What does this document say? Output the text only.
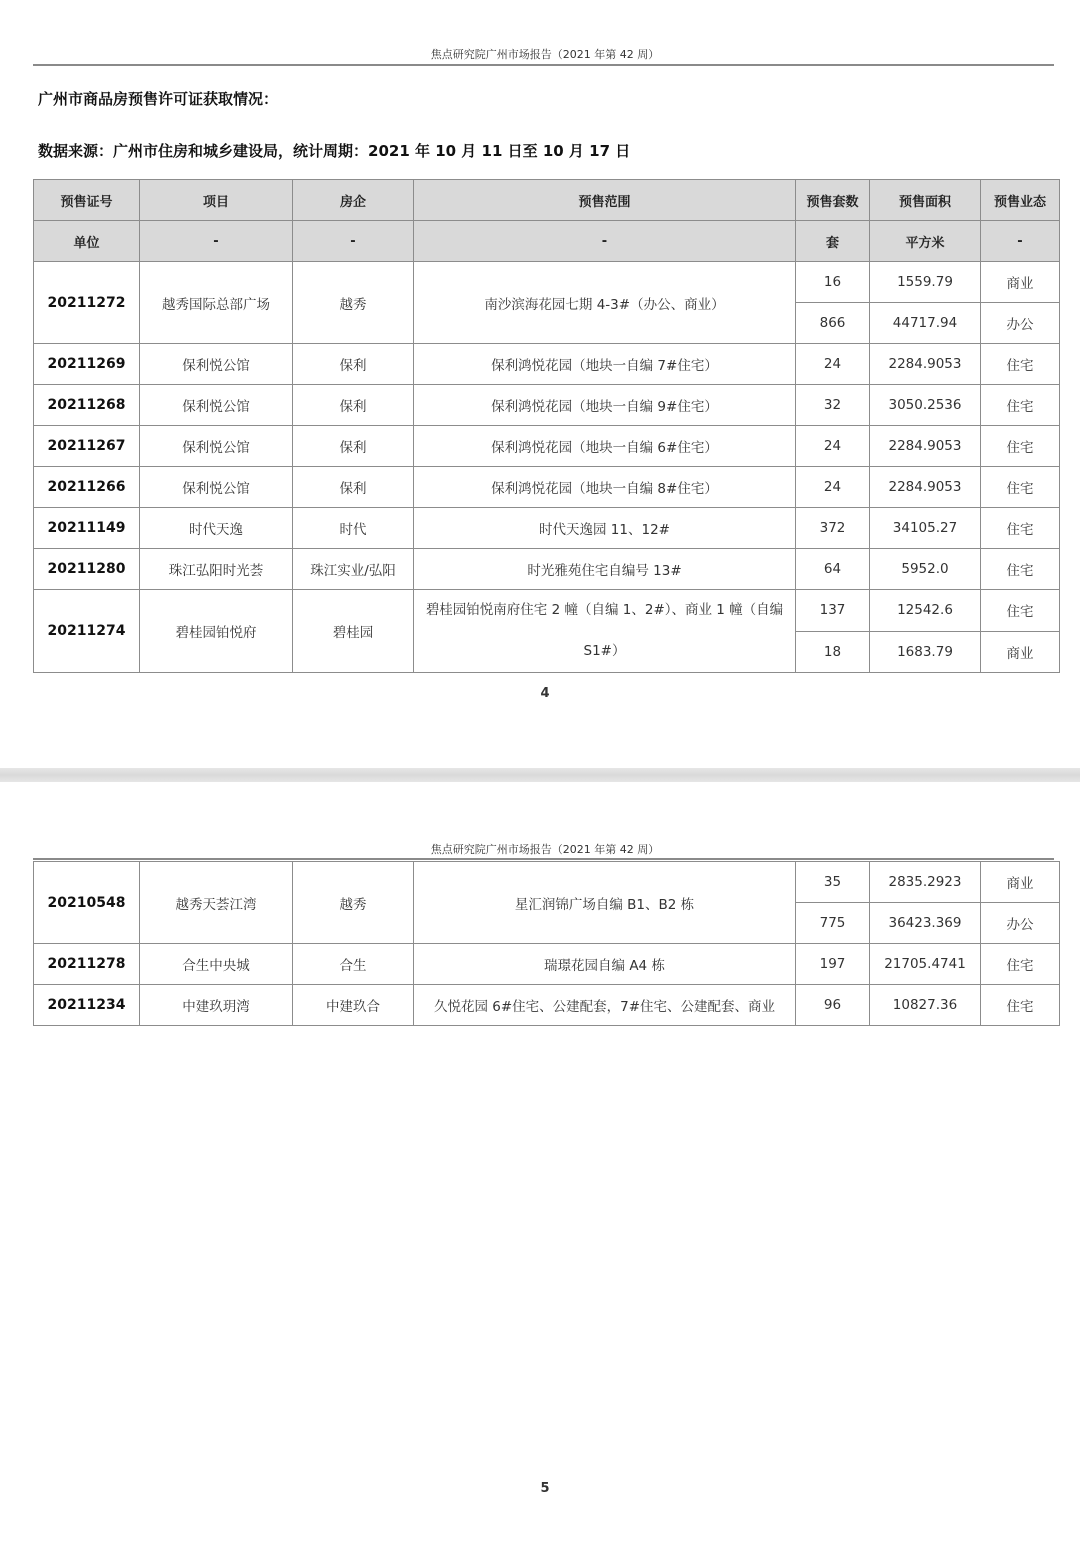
焦点研究院广州市场报告（2021 年第 42 周）
广州市商品房预售许可证获取情况：
数据来源：广州市住房和城乡建设局，统计周期：2021 年 10 月 11 日至 10 月 17 日
预售证号	项目	房企	预售范围	预售套数	预售面积	预售业态
单位	-	-	-	套	平方米	-
20211272	越秀国际总部广场	越秀	南沙滨海花园七期 4-3#（办公、商业）	16	1559.79	商业
				866	44717.94	办公
20211269	保利悦公馆	保利	保利鸿悦花园（地块一自编 7#住宅）	24	2284.9053	住宅
20211268	保利悦公馆	保利	保利鸿悦花园（地块一自编 9#住宅）	32	3050.2536	住宅
20211267	保利悦公馆	保利	保利鸿悦花园（地块一自编 6#住宅）	24	2284.9053	住宅
20211266	保利悦公馆	保利	保利鸿悦花园（地块一自编 8#住宅）	24	2284.9053	住宅
20211149	时代天逸	时代	时代天逸园 11、12#	372	34105.27	住宅
20211280	珠江弘阳时光荟	珠江实业/弘阳	时光雅苑住宅自编号 13#	64	5952.0	住宅
20211274	碧桂园铂悦府	碧桂园	碧桂园铂悦南府住宅 2 幢（自编 1、2#）、商业 1 幢（自编 S1#）	137	12542.6	住宅
				18	1683.79	商业
4
焦点研究院广州市场报告（2021 年第 42 周）
20210548	越秀天荟江湾	越秀	星汇润锦广场自编 B1、B2 栋	35	2835.2923	商业
				775	36423.369	办公
20211278	合生中央城	合生	瑞璟花园自编 A4 栋	197	21705.4741	住宅
20211234	中建玖玥湾	中建玖合	久悦花园 6#住宅、公建配套，7#住宅、公建配套、商业	96	10827.36	住宅
5
